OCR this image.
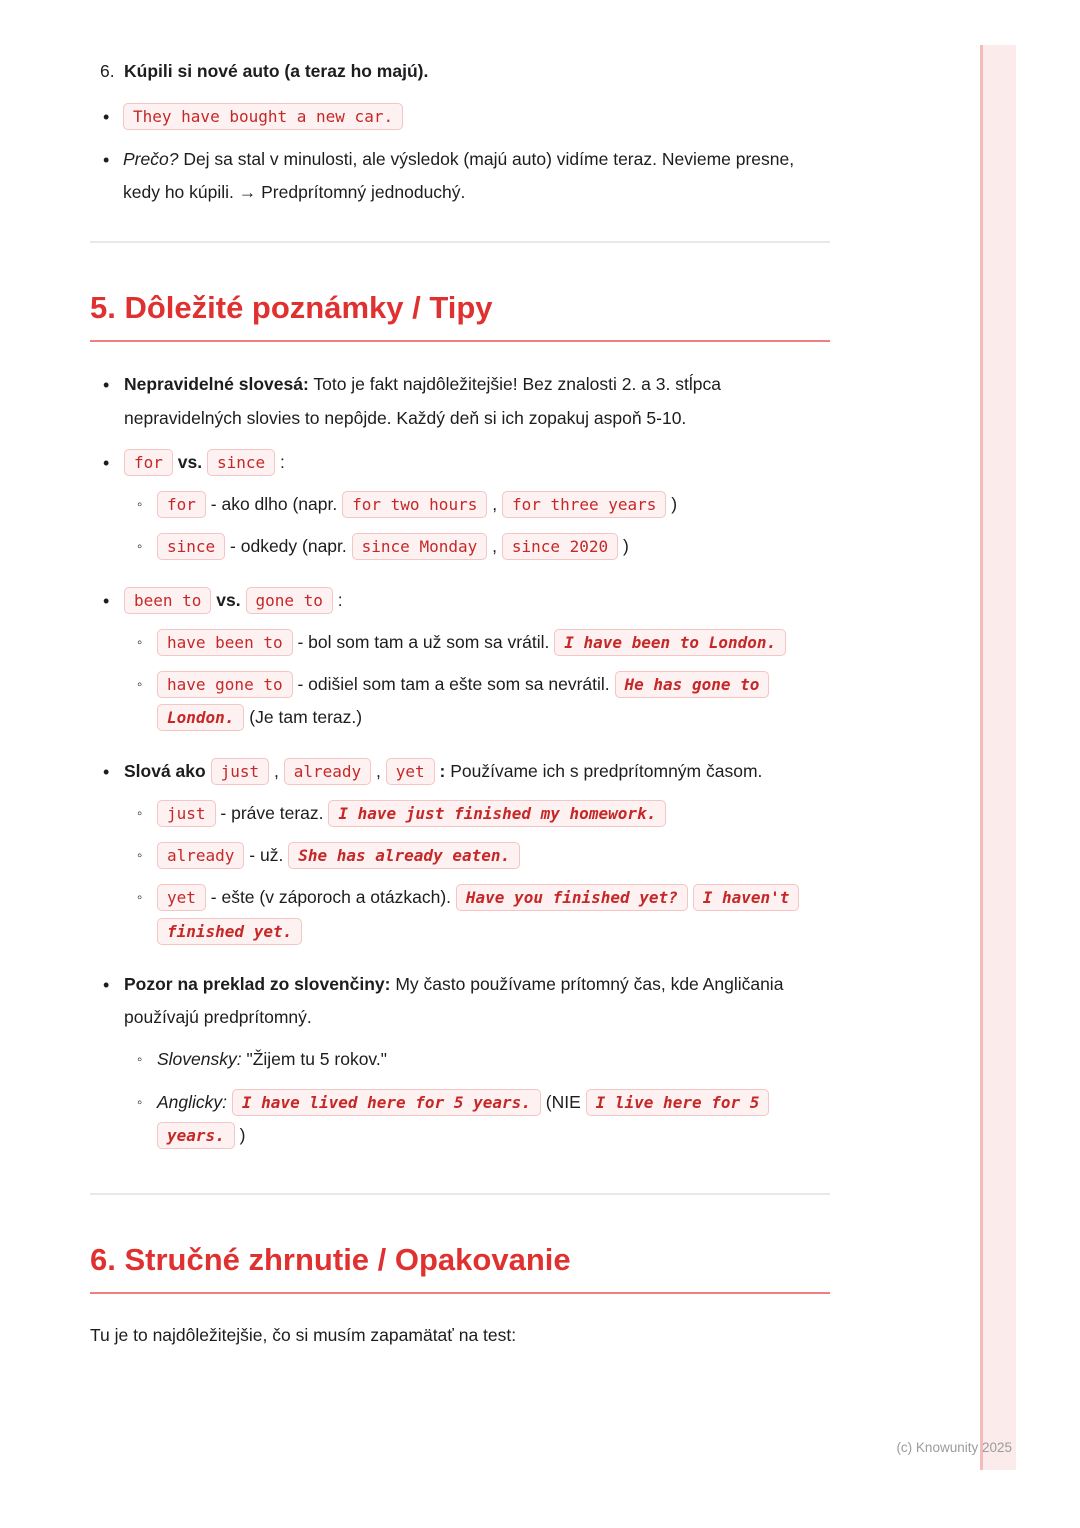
6. Kúpili si nové auto (a teraz ho majú).
•	They have bought a new car.
• Prečo? Dej sa stal v minulosti, ale výsledok (majú auto) vidíme teraz. Nevieme presne, kedy ho kúpili. → Predprítomný jednoduchý.
5. Dôležité poznámky / Tipy
• Nepravidelné slovesá: Toto je fakt najdôležitejšie! Bez znalosti 2. a 3. stĺpca nepravidelných slovies to nepôjde. Každý deň si ich zopakuj aspoň 5-10.
•	for vs. since :
◦	for - ako dlho (napr. for two hours , for three years )
◦	since - odkedy (napr. since Monday , since 2020 )
•	been to vs. gone to :
◦	have been to - bol som tam a už som sa vrátil. I have been to London.
◦	have gone to - odišiel som tam a ešte som sa nevrátil. He has gone to London. (Je tam teraz.)
• Slová ako just , already , yet : Používame ich s predprítomným časom.
◦	just - práve teraz. I have just finished my homework.
◦	already - už. She has already eaten.
◦	yet - ešte (v záporoch a otázkach). Have you finished yet? I haven't finished yet.
• Pozor na preklad zo slovenčiny: My často používame prítomný čas, kde Angličania používajú predprítomný.
◦ Slovensky: "Žijem tu 5 rokov."
◦ Anglicky: I have lived here for 5 years. (NIE I live here for 5 years. )
6. Stručné zhrnutie / Opakovanie

Tu je to najdôležitejšie, čo si musím zapamätať na test:

(c) Knowunity 2025
